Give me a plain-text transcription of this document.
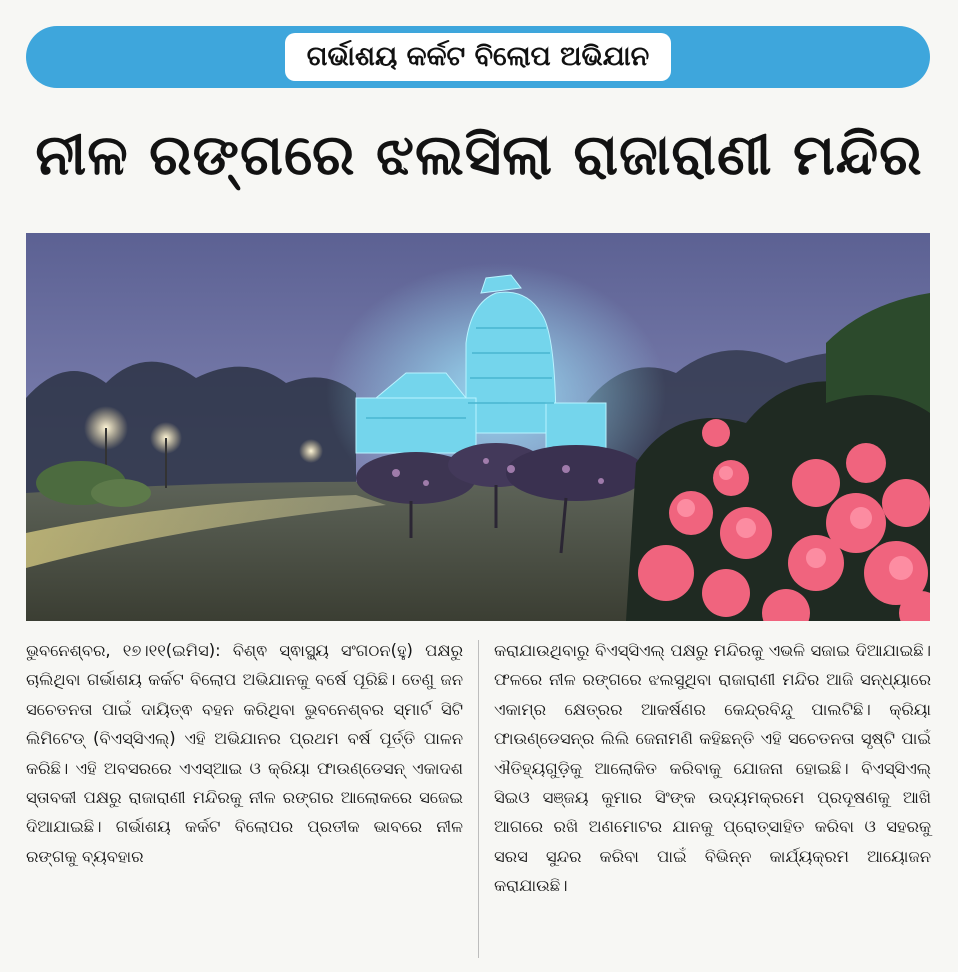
ଗର୍ଭାଶୟ କର୍କଟ ବିଲୋପ ଅଭିଯାନ
ନୀଳ ରଙ୍ଗରେ ଝଲସିଲା ରାଜାରାଣୀ ମନ୍ଦିର
ଭୁବନେଶ୍ବର, ୧୭।୧୧(ଇମିସ): ବିଶ୍ଵ ସ୍ଵାସ୍ଥ୍ୟ ସଂଗଠନ(ହୁ) ପକ୍ଷରୁ ଚାଲିଥିବା ଗର୍ଭାଶୟ କର୍କଟ ବିଲୋପ ଅଭିଯାନକୁ ବର୍ଷେ ପୂରିଛି। ତେଣୁ ଜନ ସଚେତନତା ପାଇଁ ଦାୟିତ୍ଵ ବହନ କରିଥିବା ଭୁବନେଶ୍ବର ସ୍ମାର୍ଟ ସିଟି ଲିମିଟେଡ୍ (ବିଏସ୍‌ସିଏଲ୍) ଏହି ଅଭିଯାନର ପ୍ରଥମ ବର୍ଷ ପୂର୍ତ୍ତି ପାଳନ କରିଛି। ଏହି ଅବସରରେ ଏଏସ୍‌ଆଇ ଓ କ୍ରିୟା ଫାଉଣ୍ଡେସନ୍ ଏକାଦଶ ସ୍ତାବକୀ ପକ୍ଷରୁ ରାଜାରାଣୀ ମନ୍ଦିରକୁ ନୀଳ ରଙ୍ଗର ଆଲୋକରେ ସଜେଇ ଦିଆଯାଇଛି। ଗର୍ଭାଶୟ କର୍କଟ ବିଲୋପର ପ୍ରତୀକ ଭାବରେ ନୀଳ ରଙ୍ଗକୁ ବ୍ୟବହାର
କରାଯାଉଥିବାରୁ ବିଏସ୍‌ସିଏଲ୍ ପକ୍ଷରୁ ମନ୍ଦିରକୁ ଏଭଳି ସଜାଇ ଦିଆଯାଇଛି। ଫଳରେ ନୀଳ ରଙ୍ଗରେ ଝଲସୁଥିବା ରାଜାରାଣୀ ମନ୍ଦିର ଆଜି ସନ୍ଧ୍ୟାରେ ଏକାମ୍ର କ୍ଷେତ୍ରର ଆକର୍ଷଣର କେନ୍ଦ୍ରବିନ୍ଦୁ ପାଲଟିଛି। କ୍ରିୟା ଫାଉଣ୍ଡେସନ୍‌ର ଲିଲି ଜେନାମଣି କହିଛନ୍ତି ଏହି ସଚେତନତା ସୃଷ୍ଟି ପାଇଁ ଐତିହ୍ୟଗୁଡ଼ିକୁ ଆଲୋକିତ କରିବାକୁ ଯୋଜନା ହୋଇଛି। ବିଏସ୍‌ସିଏଲ୍ ସିଇଓ ସଞ୍ଜୟ କୁମାର ସିଂଙ୍କ ଉଦ୍ୟମକ୍ରମେ ପ୍ରଦୂଷଣକୁ ଆଖି ଆଗରେ ରଖି ଅଣମୋଟର ଯାନକୁ ପ୍ରୋତ୍ସାହିତ କରିବା ଓ ସହରକୁ ସରସ ସୁନ୍ଦର କରିବା ପାଇଁ ବିଭିନ୍ନ କାର୍ଯ୍ୟକ୍ରମ ଆୟୋଜନ କରାଯାଉଛି।
